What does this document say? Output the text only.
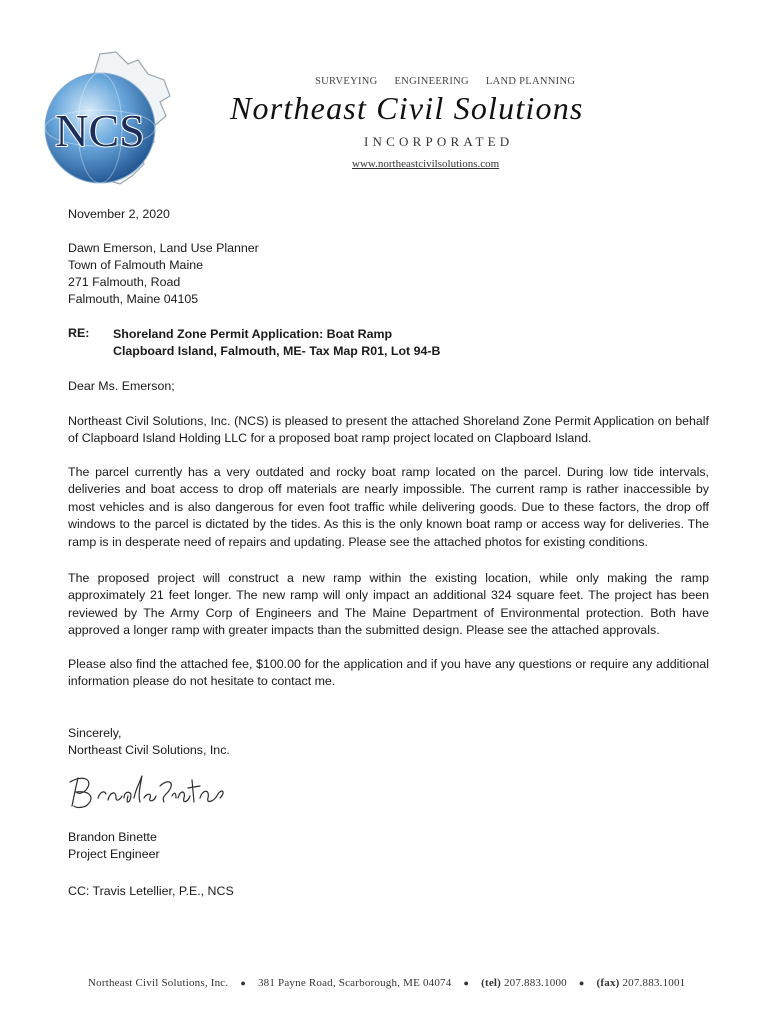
NCS
SURVEYING ENGINEERING LAND PLANNING
Northeast Civil Solutions
INCORPORATED
www.northeastcivilsolutions.com
November 2, 2020
Dawn Emerson, Land Use Planner
Town of Falmouth Maine
271 Falmouth, Road
Falmouth, Maine 04105
RE: Shoreland Zone Permit Application: Boat Ramp
Clapboard Island, Falmouth, ME- Tax Map R01, Lot 94-B
Dear Ms. Emerson;
Northeast Civil Solutions, Inc. (NCS) is pleased to present the attached Shoreland Zone Permit Application on behalf of Clapboard Island Holding LLC for a proposed boat ramp project located on Clapboard Island.
The parcel currently has a very outdated and rocky boat ramp located on the parcel. During low tide intervals, deliveries and boat access to drop off materials are nearly impossible. The current ramp is rather inaccessible by most vehicles and is also dangerous for even foot traffic while delivering goods. Due to these factors, the drop off windows to the parcel is dictated by the tides. As this is the only known boat ramp or access way for deliveries. The ramp is in desperate need of repairs and updating. Please see the attached photos for existing conditions.
The proposed project will construct a new ramp within the existing location, while only making the ramp approximately 21 feet longer. The new ramp will only impact an additional 324 square feet. The project has been reviewed by The Army Corp of Engineers and The Maine Department of Environmental protection. Both have approved a longer ramp with greater impacts than the submitted design. Please see the attached approvals.
Please also find the attached fee, $100.00 for the application and if you have any questions or require any additional information please do not hesitate to contact me.
Sincerely,
Northeast Civil Solutions, Inc.
Brandon Binette
Project Engineer
CC: Travis Letellier, P.E., NCS
Northeast Civil Solutions, Inc. ● 381 Payne Road, Scarborough, ME 04074 ● (tel) 207.883.1000 ● (fax) 207.883.1001
